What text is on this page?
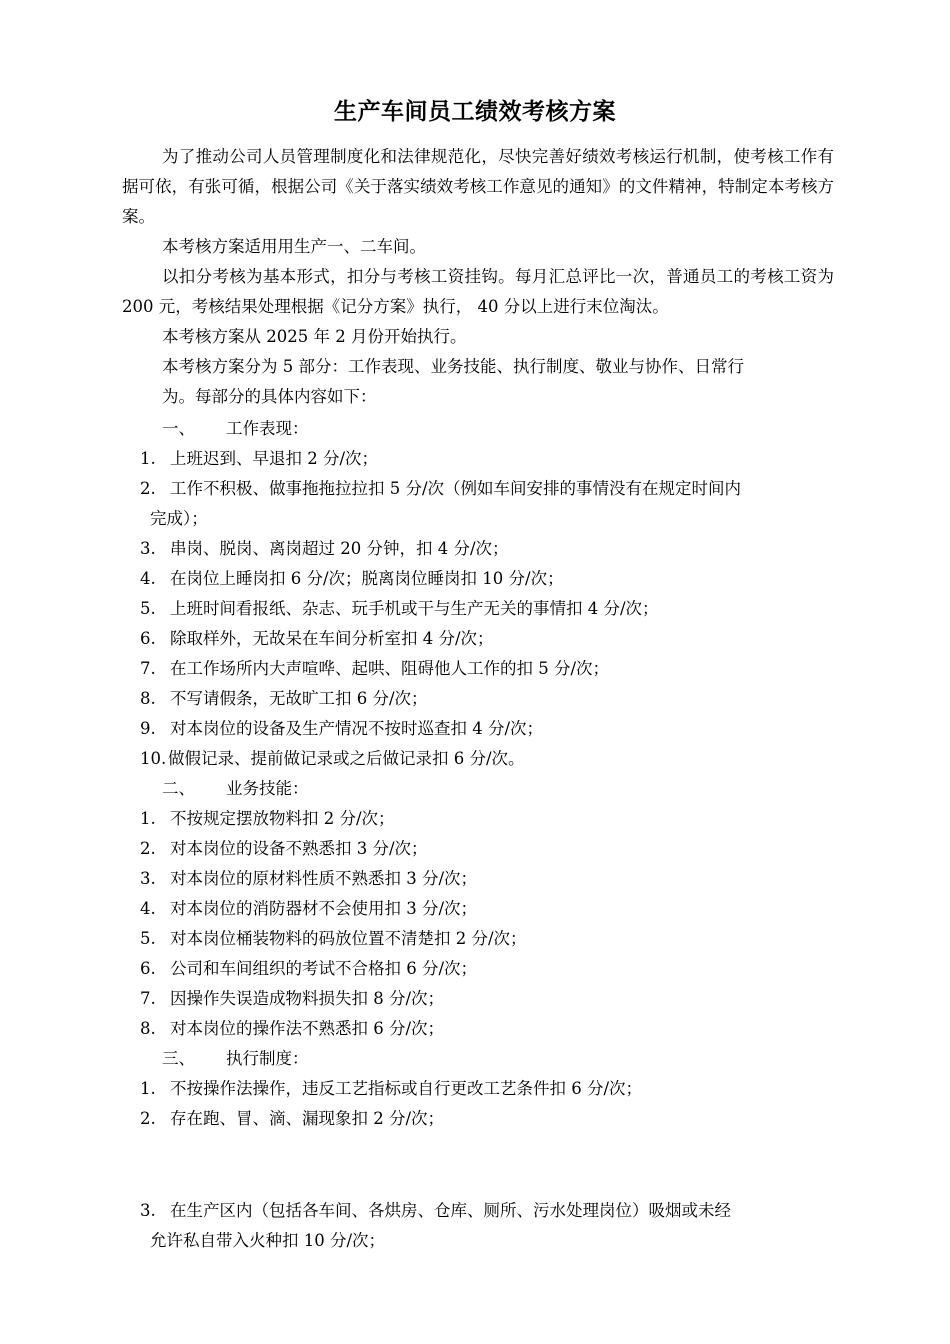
生产车间员工绩效考核方案

为了推动公司人员管理制度化和法律规范化，尽快完善好绩效考核运行机制，使考核工作有据可依，有张可循，根据公司《关于落实绩效考核工作意见的通知》的文件精神，特制定本考核方案。

本考核方案适用用生产一、二车间。

以扣分考核为基本形式，扣分与考核工资挂钩。每月汇总评比一次，普通员工的考核工资为 200 元，考核结果处理根据《记分方案》执行， 40 分以上进行末位淘汰。

本考核方案从 2025 年 2 月份开始执行。

本考核方案分为 5 部分：工作表现、业务技能、执行制度、敬业与协作、日常行

为。每部分的具体内容如下：

一、 工作表现：

1. 上班迟到、早退扣 2 分/次；
2. 工作不积极、做事拖拖拉拉扣 5 分/次（例如车间安排的事情没有在规定时间内
完成）；
3. 串岗、脱岗、离岗超过 20 分钟，扣 4 分/次；
4. 在岗位上睡岗扣 6 分/次；脱离岗位睡岗扣 10 分/次；
5. 上班时间看报纸、杂志、玩手机或干与生产无关的事情扣 4 分/次；
6. 除取样外，无故呆在车间分析室扣 4 分/次；
7. 在工作场所内大声喧哗、起哄、阻碍他人工作的扣 5 分/次；
8. 不写请假条，无故旷工扣 6 分/次；
9. 对本岗位的设备及生产情况不按时巡查扣 4 分/次；
10. 做假记录、提前做记录或之后做记录扣 6 分/次。

二、 业务技能：

1. 不按规定摆放物料扣 2 分/次；
2. 对本岗位的设备不熟悉扣 3 分/次；
3. 对本岗位的原材料性质不熟悉扣 3 分/次；
4. 对本岗位的消防器材不会使用扣 3 分/次；
5. 对本岗位桶装物料的码放位置不清楚扣 2 分/次；
6. 公司和车间组织的考试不合格扣 6 分/次；
7. 因操作失误造成物料损失扣 8 分/次；
8. 对本岗位的操作法不熟悉扣 6 分/次；

三、 执行制度：

1. 不按操作法操作，违反工艺指标或自行更改工艺条件扣 6 分/次；
2. 存在跑、冒、滴、漏现象扣 2 分/次；
3. 在生产区内（包括各车间、各烘房、仓库、厕所、污水处理岗位）吸烟或未经
允许私自带入火种扣 10 分/次；
